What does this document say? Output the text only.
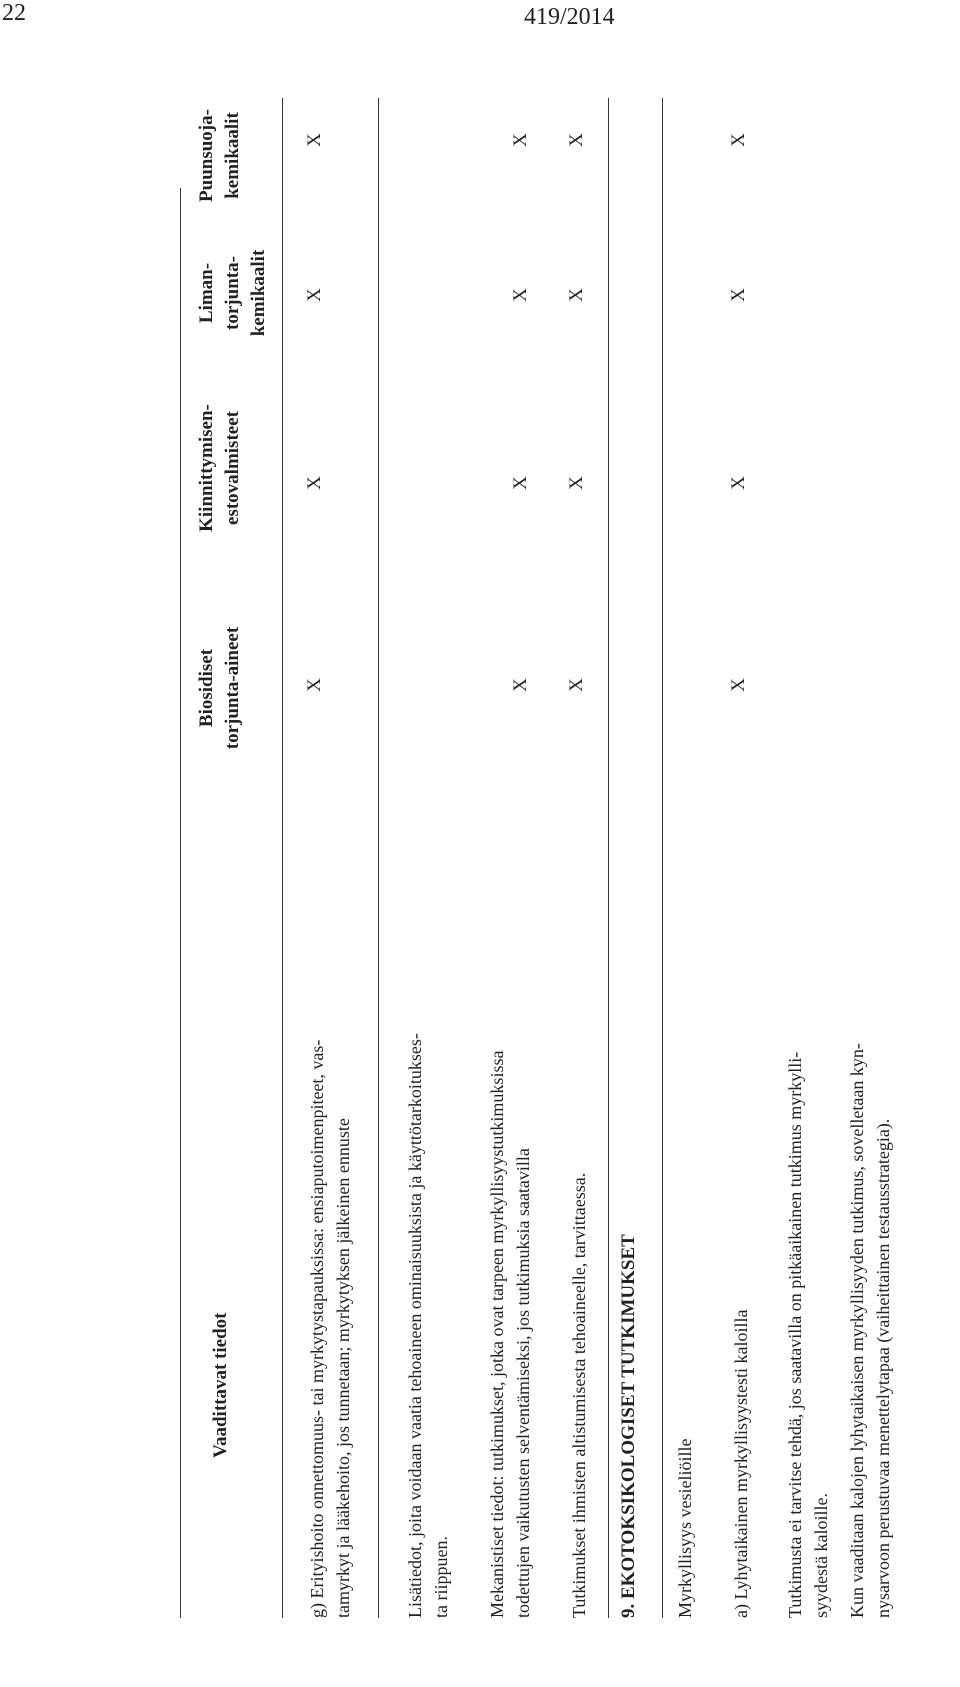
22	419/2014
Vaadittavat tiedot
Biosidiset torjunta-aineet
Kiinnittymisen- estovalmisteet
Liman- torjunta- kemikaalit
Puunsuoja- kemikaalit
g) Erityishoito onnettomuus- tai myrkytystapauksissa: ensiaputoimenpiteet, vas- tamyrkyt ja lääkehoito, jos tunnetaan; myrkytyksen jälkeinen ennuste
X
X
X
X
Lisätiedot, joita voidaan vaatia tehoaineen ominaisuuksista ja käyttötarkoitukses- ta riippuen. Mekanistiset tiedot: tutkimukset, jotka ovat tarpeen myrkyllisyystutkimuksissa todettujen vaikutusten selventämiseksi, jos tutkimuksia saatavilla
X
X
X
X
Tutkimukset ihmisten altistumisesta tehoaineelle, tarvittaessa.
X
X
X
X
9. EKOTOKSIKOLOGISET TUTKIMUKSET Myrkyllisyys vesieliöille a) Lyhytaikainen myrkyllisyystesti kaloilla
X
X
X
X
Tutkimusta ei tarvitse tehdä, jos saatavilla on pitkäaikainen tutkimus myrkylli- syydestä kaloille. Kun vaaditaan kalojen lyhytaikaisen myrkyllisyyden tutkimus, sovelletaan kyn- nysarvoon perustuvaa menettelytapaa (vaiheittainen testausstrategia).
